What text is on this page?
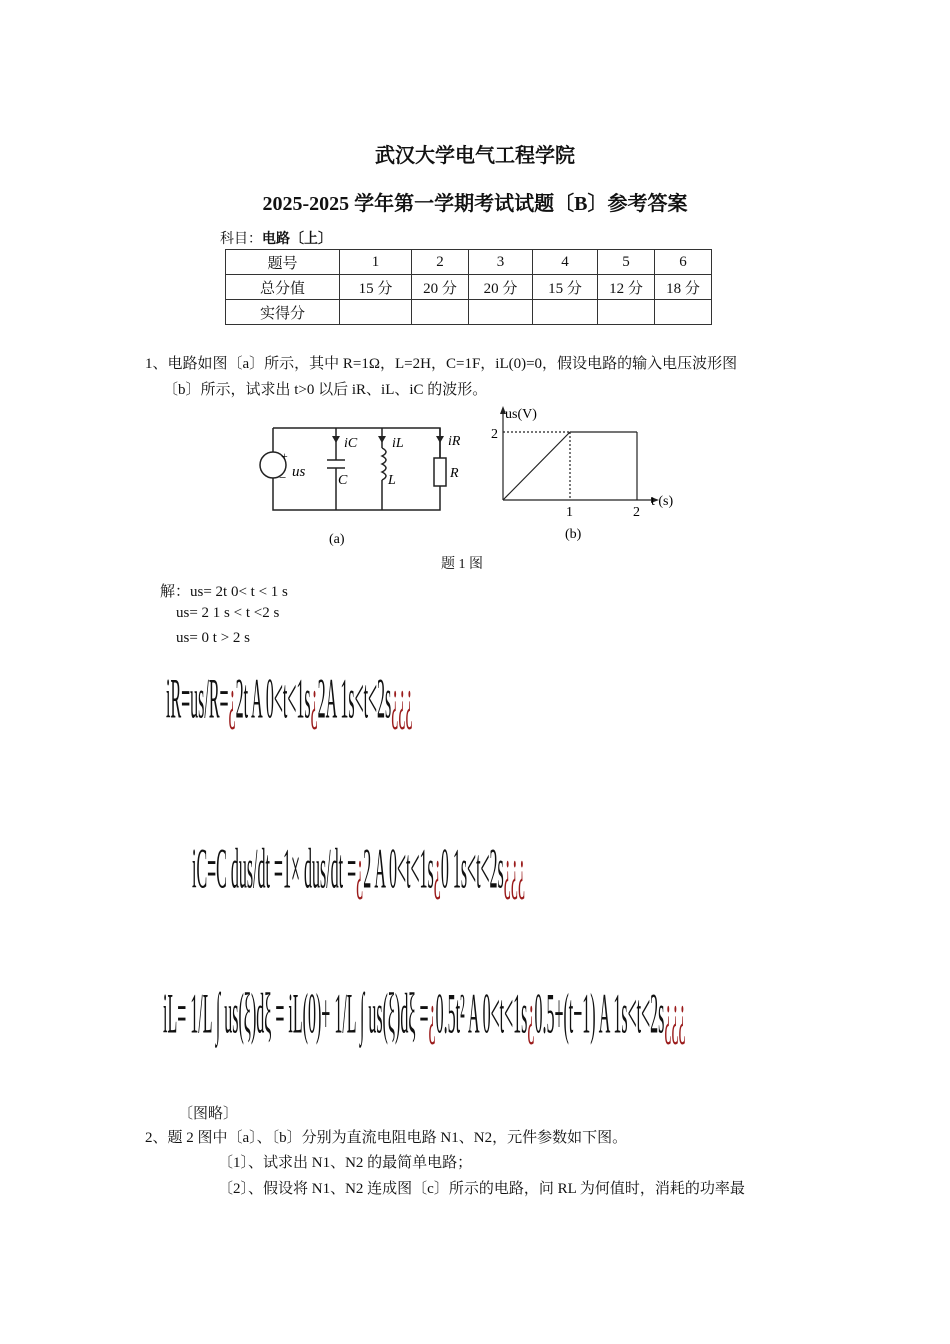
武汉大学电气工程学院
2025-2025 学年第一学期考试试题〔B〕参考答案
科目：电路〔上〕
题号	1	2	3	4	5	6
总分值	15 分	20 分	20 分	15 分	12 分	18 分
实得分						
1、电路如图〔a〕所示，其中 R=1Ω，L=2H，C=1F，iL(0)=0，假设电路的输入电压波形图
〔b〕所示，试求出 t>0 以后 iR、iL、iC 的波形。
+
− us
iC
C
iL
L
iR
R
(a)
us(V)
2
1	2
t (s)
(b)
题 1 图
解：us= 2t 0< t < 1 s
us= 2 1 s < t <2 s
us= 0 t > 2 s
iR=us/R=¿2t A 0<t<1s¿2A 1s<t<2s¿¿¿
iC=C dus/dt =1× dus/dt =¿2 A 0<t<1s¿0 1s<t<2s¿¿¿
iL= 1/L ∫ us(ξ)dξ = iL(0)+ 1/L ∫ us(ξ)dξ =¿0.5t² A 0<t<1s¿0.5+(t−1) A 1s<t<2s¿¿¿
〔图略〕
2、题 2 图中〔a〕、〔b〕分别为直流电阻电路 N1、N2，元件参数如下图。
〔1〕、试求出 N1、N2 的最简单电路；
〔2〕、假设将 N1、N2 连成图〔c〕所示的电路，问 RL 为何值时，消耗的功率最
